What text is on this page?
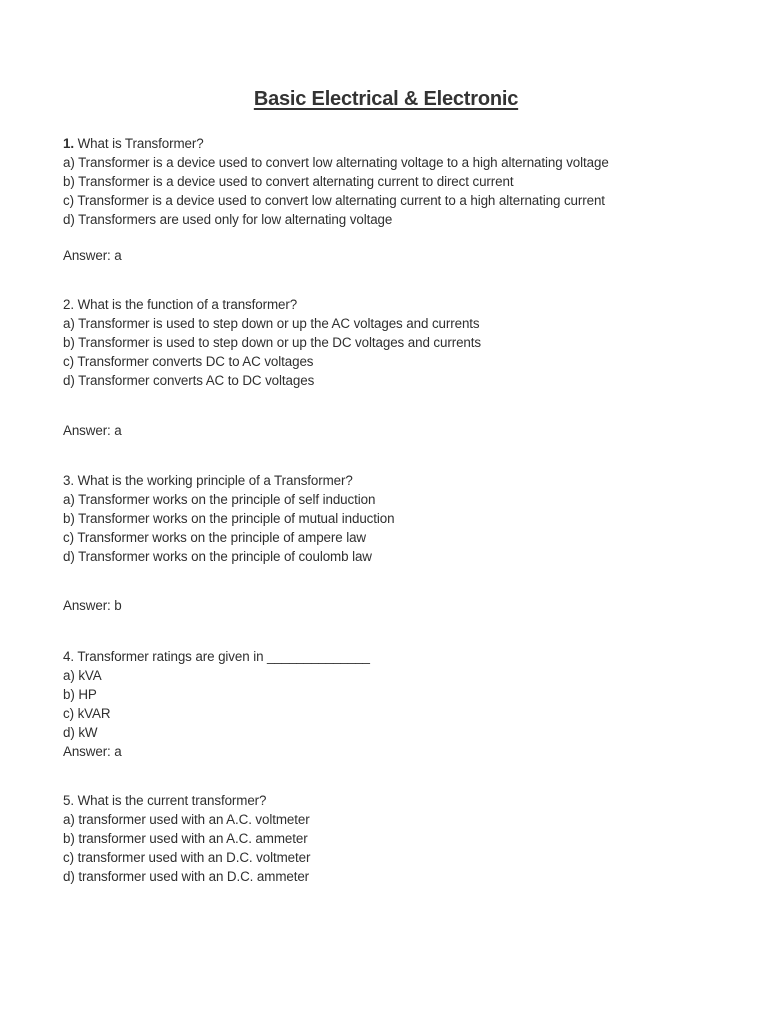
Basic Electrical & Electronic
1. What is Transformer?
a) Transformer is a device used to convert low alternating voltage to a high alternating voltage
b) Transformer is a device used to convert alternating current to direct current
c) Transformer is a device used to convert low alternating current to a high alternating current
d) Transformers are used only for low alternating voltage
Answer: a
2. What is the function of a transformer?
a) Transformer is used to step down or up the AC voltages and currents
b) Transformer is used to step down or up the DC voltages and currents
c) Transformer converts DC to AC voltages
d) Transformer converts AC to DC voltages
Answer: a
3. What is the working principle of a Transformer?
a) Transformer works on the principle of self induction
b) Transformer works on the principle of mutual induction
c) Transformer works on the principle of ampere law
d) Transformer works on the principle of coulomb law
Answer: b
4. Transformer ratings are given in ______________
a) kVA
b) HP
c) kVAR
d) kW
Answer: a
5. What is the current transformer?
a) transformer used with an A.C. voltmeter
b) transformer used with an A.C. ammeter
c) transformer used with an D.C. voltmeter
d) transformer used with an D.C. ammeter
